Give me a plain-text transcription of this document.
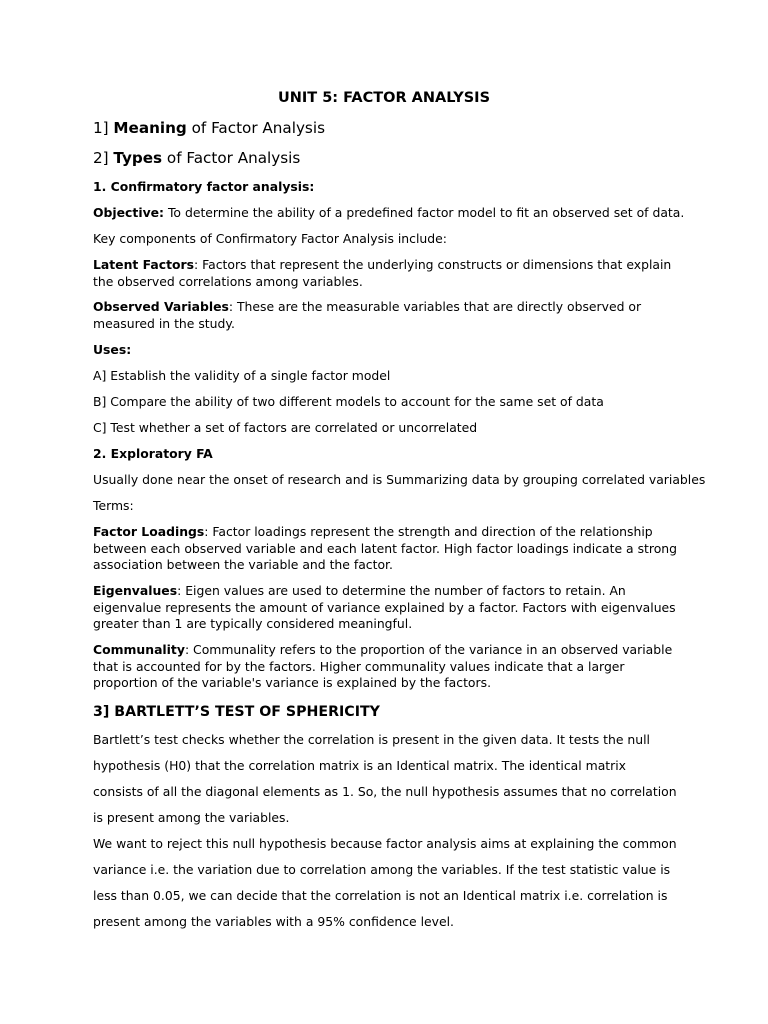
UNIT 5: FACTOR ANALYSIS

1] Meaning of Factor Analysis

2] Types of Factor Analysis

1. Confirmatory factor analysis:

Objective: To determine the ability of a predefined factor model to fit an observed set of data.

Key components of Confirmatory Factor Analysis include:

Latent Factors: Factors that represent the underlying constructs or dimensions that explain the observed correlations among variables.

Observed Variables: These are the measurable variables that are directly observed or measured in the study.

Uses:

A] Establish the validity of a single factor model

B] Compare the ability of two different models to account for the same set of data

C] Test whether a set of factors are correlated or uncorrelated

2. Exploratory FA

Usually done near the onset of research and is Summarizing data by grouping correlated variables

Terms:

Factor Loadings: Factor loadings represent the strength and direction of the relationship between each observed variable and each latent factor. High factor loadings indicate a strong association between the variable and the factor.

Eigenvalues: Eigen values are used to determine the number of factors to retain. An eigenvalue represents the amount of variance explained by a factor. Factors with eigenvalues greater than 1 are typically considered meaningful.

Communality: Communality refers to the proportion of the variance in an observed variable that is accounted for by the factors. Higher communality values indicate that a larger proportion of the variable's variance is explained by the factors.

3] BARTLETT’S TEST OF SPHERICITY

Bartlett’s test checks whether the correlation is present in the given data. It tests the null

hypothesis (H0) that the correlation matrix is an Identical matrix. The identical matrix

consists of all the diagonal elements as 1. So, the null hypothesis assumes that no correlation

is present among the variables.

We want to reject this null hypothesis because factor analysis aims at explaining the common

variance i.e. the variation due to correlation among the variables. If the test statistic value is

less than 0.05, we can decide that the correlation is not an Identical matrix i.e. correlation is

present among the variables with a 95% confidence level.
